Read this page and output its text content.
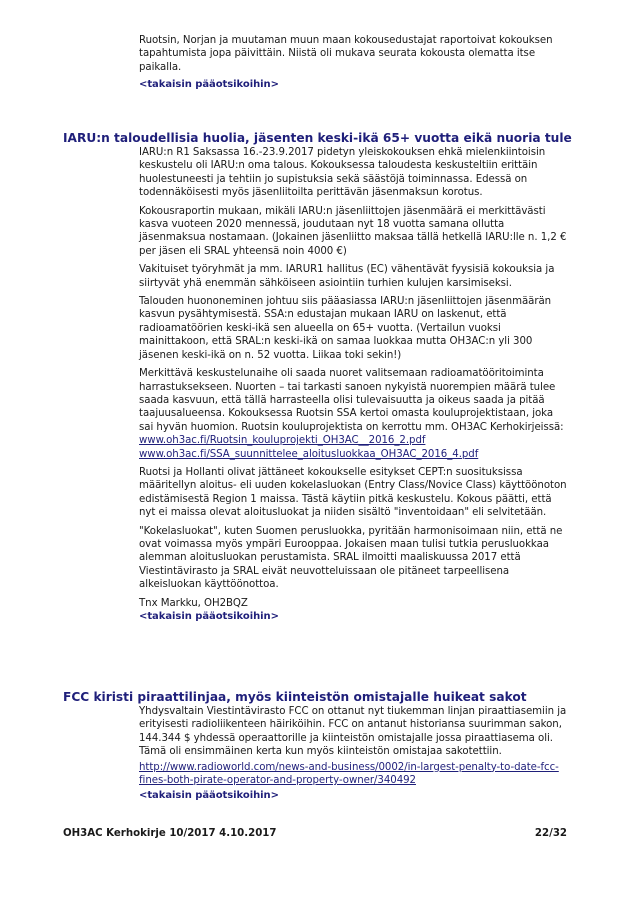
Ruotsin, Norjan ja muutaman muun maan kokousedustajat raportoivat kokouksen tapahtumista jopa päivittäin. Niistä oli mukava seurata kokousta olematta itse paikalla.

<takaisin pääotsikoihin>

IARU:n taloudellisia huolia, jäsenten keski-ikä 65+ vuotta eikä nuoria tule

IARU:n R1 Saksassa 16.-23.9.2017 pidetyn yleiskokouksen ehkä mielenkiintoisin keskustelu oli IARU:n oma talous. Kokouksessa taloudesta keskusteltiin erittäin huolestuneesti ja tehtiin jo supistuksia sekä säästöjä toiminnassa. Edessä on todennäköisesti myös jäsenliitoilta perittävän jäsenmaksun korotus.

Kokousraportin mukaan, mikäli IARU:n jäsenliittojen jäsenmäärä ei merkittävästi kasva vuoteen 2020 mennessä, joudutaan nyt 18 vuotta samana ollutta jäsenmaksua nostamaan. (Jokainen jäsenliitto maksaa tällä hetkellä IARU:lle n. 1,2 € per jäsen eli SRAL yhteensä noin 4000 €)

Vakituiset työryhmät ja mm. IARUR1 hallitus (EC) vähentävät fyysisiä kokouksia ja siirtyvät yhä enemmän sähköiseen asiointiin turhien kulujen karsimiseksi.

Talouden huononeminen johtuu siis pääasiassa IARU:n jäsenliittojen jäsenmäärän kasvun pysähtymisestä. SSA:n edustajan mukaan IARU on laskenut, että radioamatöörien keski-ikä sen alueella on 65+ vuotta. (Vertailun vuoksi mainittakoon, että SRAL:n keski-ikä on samaa luokkaa mutta OH3AC:n yli 300 jäsenen keski-ikä on n. 52 vuotta. Liikaa toki sekin!)

Merkittävä keskustelunaihe oli saada nuoret valitsemaan radioamatööritoiminta harrastuksekseen. Nuorten – tai tarkasti sanoen nykyistä nuorempien määrä tulee saada kasvuun, että tällä harrasteella olisi tulevaisuutta ja oikeus saada ja pitää taajuusalueensa. Kokouksessa Ruotsin SSA kertoi omasta kouluprojektistaan, joka sai hyvän huomion. Ruotsin kouluprojektista on kerrottu mm. OH3AC Kerhokirjeissä:

www.oh3ac.fi/Ruotsin_kouluprojekti_OH3AC__2016_2.pdf

www.oh3ac.fi/SSA_suunnittelee_aloitusluokkaa_OH3AC_2016_4.pdf

Ruotsi ja Hollanti olivat jättäneet kokoukselle esitykset CEPT:n suosituksissa määritellyn aloitus- eli uuden kokelasluokan (Entry Class/Novice Class) käyttöönoton edistämisestä Region 1 maissa. Tästä käytiin pitkä keskustelu. Kokous päätti, että nyt ei maissa olevat aloitusluokat ja niiden sisältö "inventoidaan" eli selvitetään.

"Kokelasluokat", kuten Suomen perusluokka, pyritään harmonisoimaan niin, että ne ovat voimassa myös ympäri Eurooppaa. Jokaisen maan tulisi tutkia perusluokkaa alemman aloitusluokan perustamista. SRAL ilmoitti maaliskuussa 2017 että Viestintävirasto ja SRAL eivät neuvotteluissaan ole pitäneet tarpeellisena alkeisluokan käyttöönottoa.

Tnx Markku, OH2BQZ

<takaisin pääotsikoihin>

FCC kiristi piraattilinjaa, myös kiinteistön omistajalle huikeat sakot

Yhdysvaltain Viestintävirasto FCC on ottanut nyt tiukemman linjan piraattiasemiin ja erityisesti radioliikenteen häiriköihin. FCC on antanut historiansa suurimman sakon, 144.344 $ yhdessä operaattorille ja kiinteistön omistajalle jossa piraattiasema oli. Tämä oli ensimmäinen kerta kun myös kiinteistön omistajaa sakotettiin.

http://www.radioworld.com/news-and-business/0002/in-largest-penalty-to-date-fcc-fines-both-pirate-operator-and-property-owner/340492

<takaisin pääotsikoihin>

OH3AC Kerhokirje 10/2017 4.10.2017	22/32
